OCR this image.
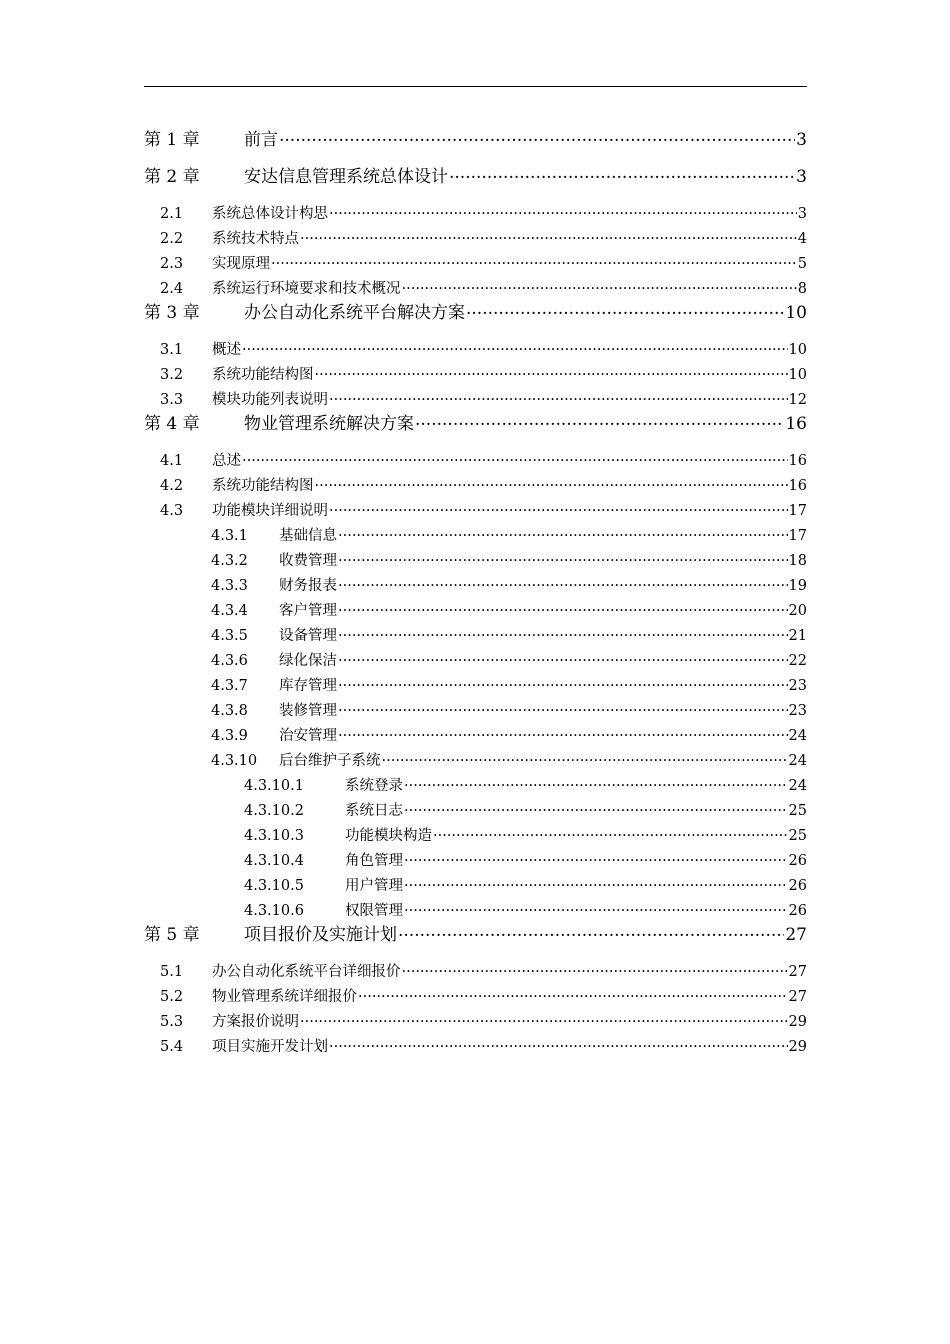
第 1 章	前言 .....	3
第 2 章	安达信息管理系统总体设计 .....	3
2.1	系统总体设计构思 .....	3
2.2	系统技术特点 .....	4
2.3	实现原理 .....	5
2.4	系统运行环境要求和技术概况 .....	8
第 3 章	办公自动化系统平台解决方案 .....	10
3.1	概述 .....	10
3.2	系统功能结构图 .....	10
3.3	模块功能列表说明 .....	12
第 4 章	物业管理系统解决方案 .....	16
4.1	总述 .....	16
4.2	系统功能结构图 .....	16
4.3	功能模块详细说明 .....	17
4.3.1	基础信息 .....	17
4.3.2	收费管理 .....	18
4.3.3	财务报表 .....	19
4.3.4	客户管理 .....	20
4.3.5	设备管理 .....	21
4.3.6	绿化保洁 .....	22
4.3.7	库存管理 .....	23
4.3.8	装修管理 .....	23
4.3.9	治安管理 .....	24
4.3.10	后台维护子系统 .....	24
4.3.10.1	系统登录 .....	24
4.3.10.2	系统日志 .....	25
4.3.10.3	功能模块构造 .....	25
4.3.10.4	角色管理 .....	26
4.3.10.5	用户管理 .....	26
4.3.10.6	权限管理 .....	26
第 5 章	项目报价及实施计划 .....	27
5.1	办公自动化系统平台详细报价 .....	27
5.2	物业管理系统详细报价 .....	27
5.3	方案报价说明 .....	29
5.4	项目实施开发计划 .....	29
